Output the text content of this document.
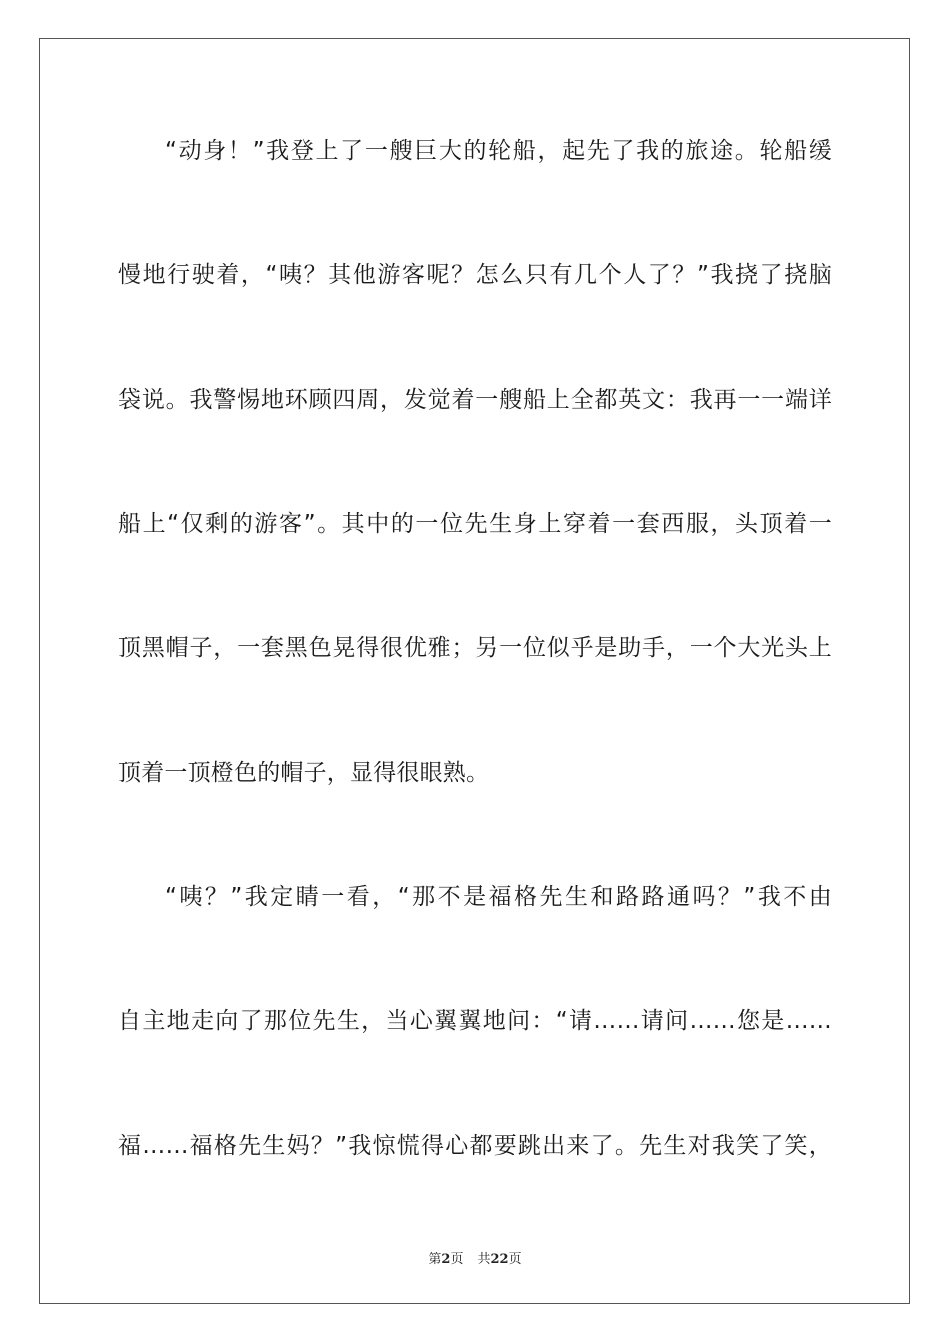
“动身！”我登上了一艘巨大的轮船，起先了我的旅途。轮船缓
慢地行驶着，“咦？其他游客呢？怎么只有几个人了？”我挠了挠脑
袋说。我警惕地环顾四周，发觉着一艘船上全都英文：我再一一端详
船上“仅剩的游客”。其中的一位先生身上穿着一套西服，头顶着一
顶黑帽子，一套黑色晃得很优雅；另一位似乎是助手，一个大光头上
顶着一顶橙色的帽子，显得很眼熟。
“咦？”我定睛一看，“那不是福格先生和路路通吗？”我不由
自主地走向了那位先生，当心翼翼地问：“请……请问……您是……
福……福格先生妈？”我惊慌得心都要跳出来了。先生对我笑了笑，
第2页 共22页
